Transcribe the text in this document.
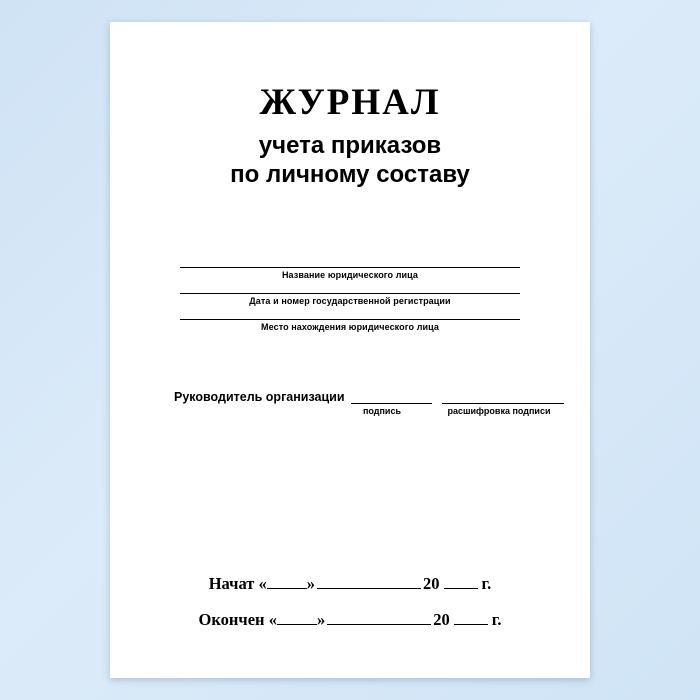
ЖУРНАЛ
учета приказов
по личному составу
Название юридического лица
Дата и номер государственной регистрации
Место нахождения юридического лица
Руководитель организации
подпись	расшифровка подписи
Начат
« »	20	г.
Окончен
« »	20	г.
